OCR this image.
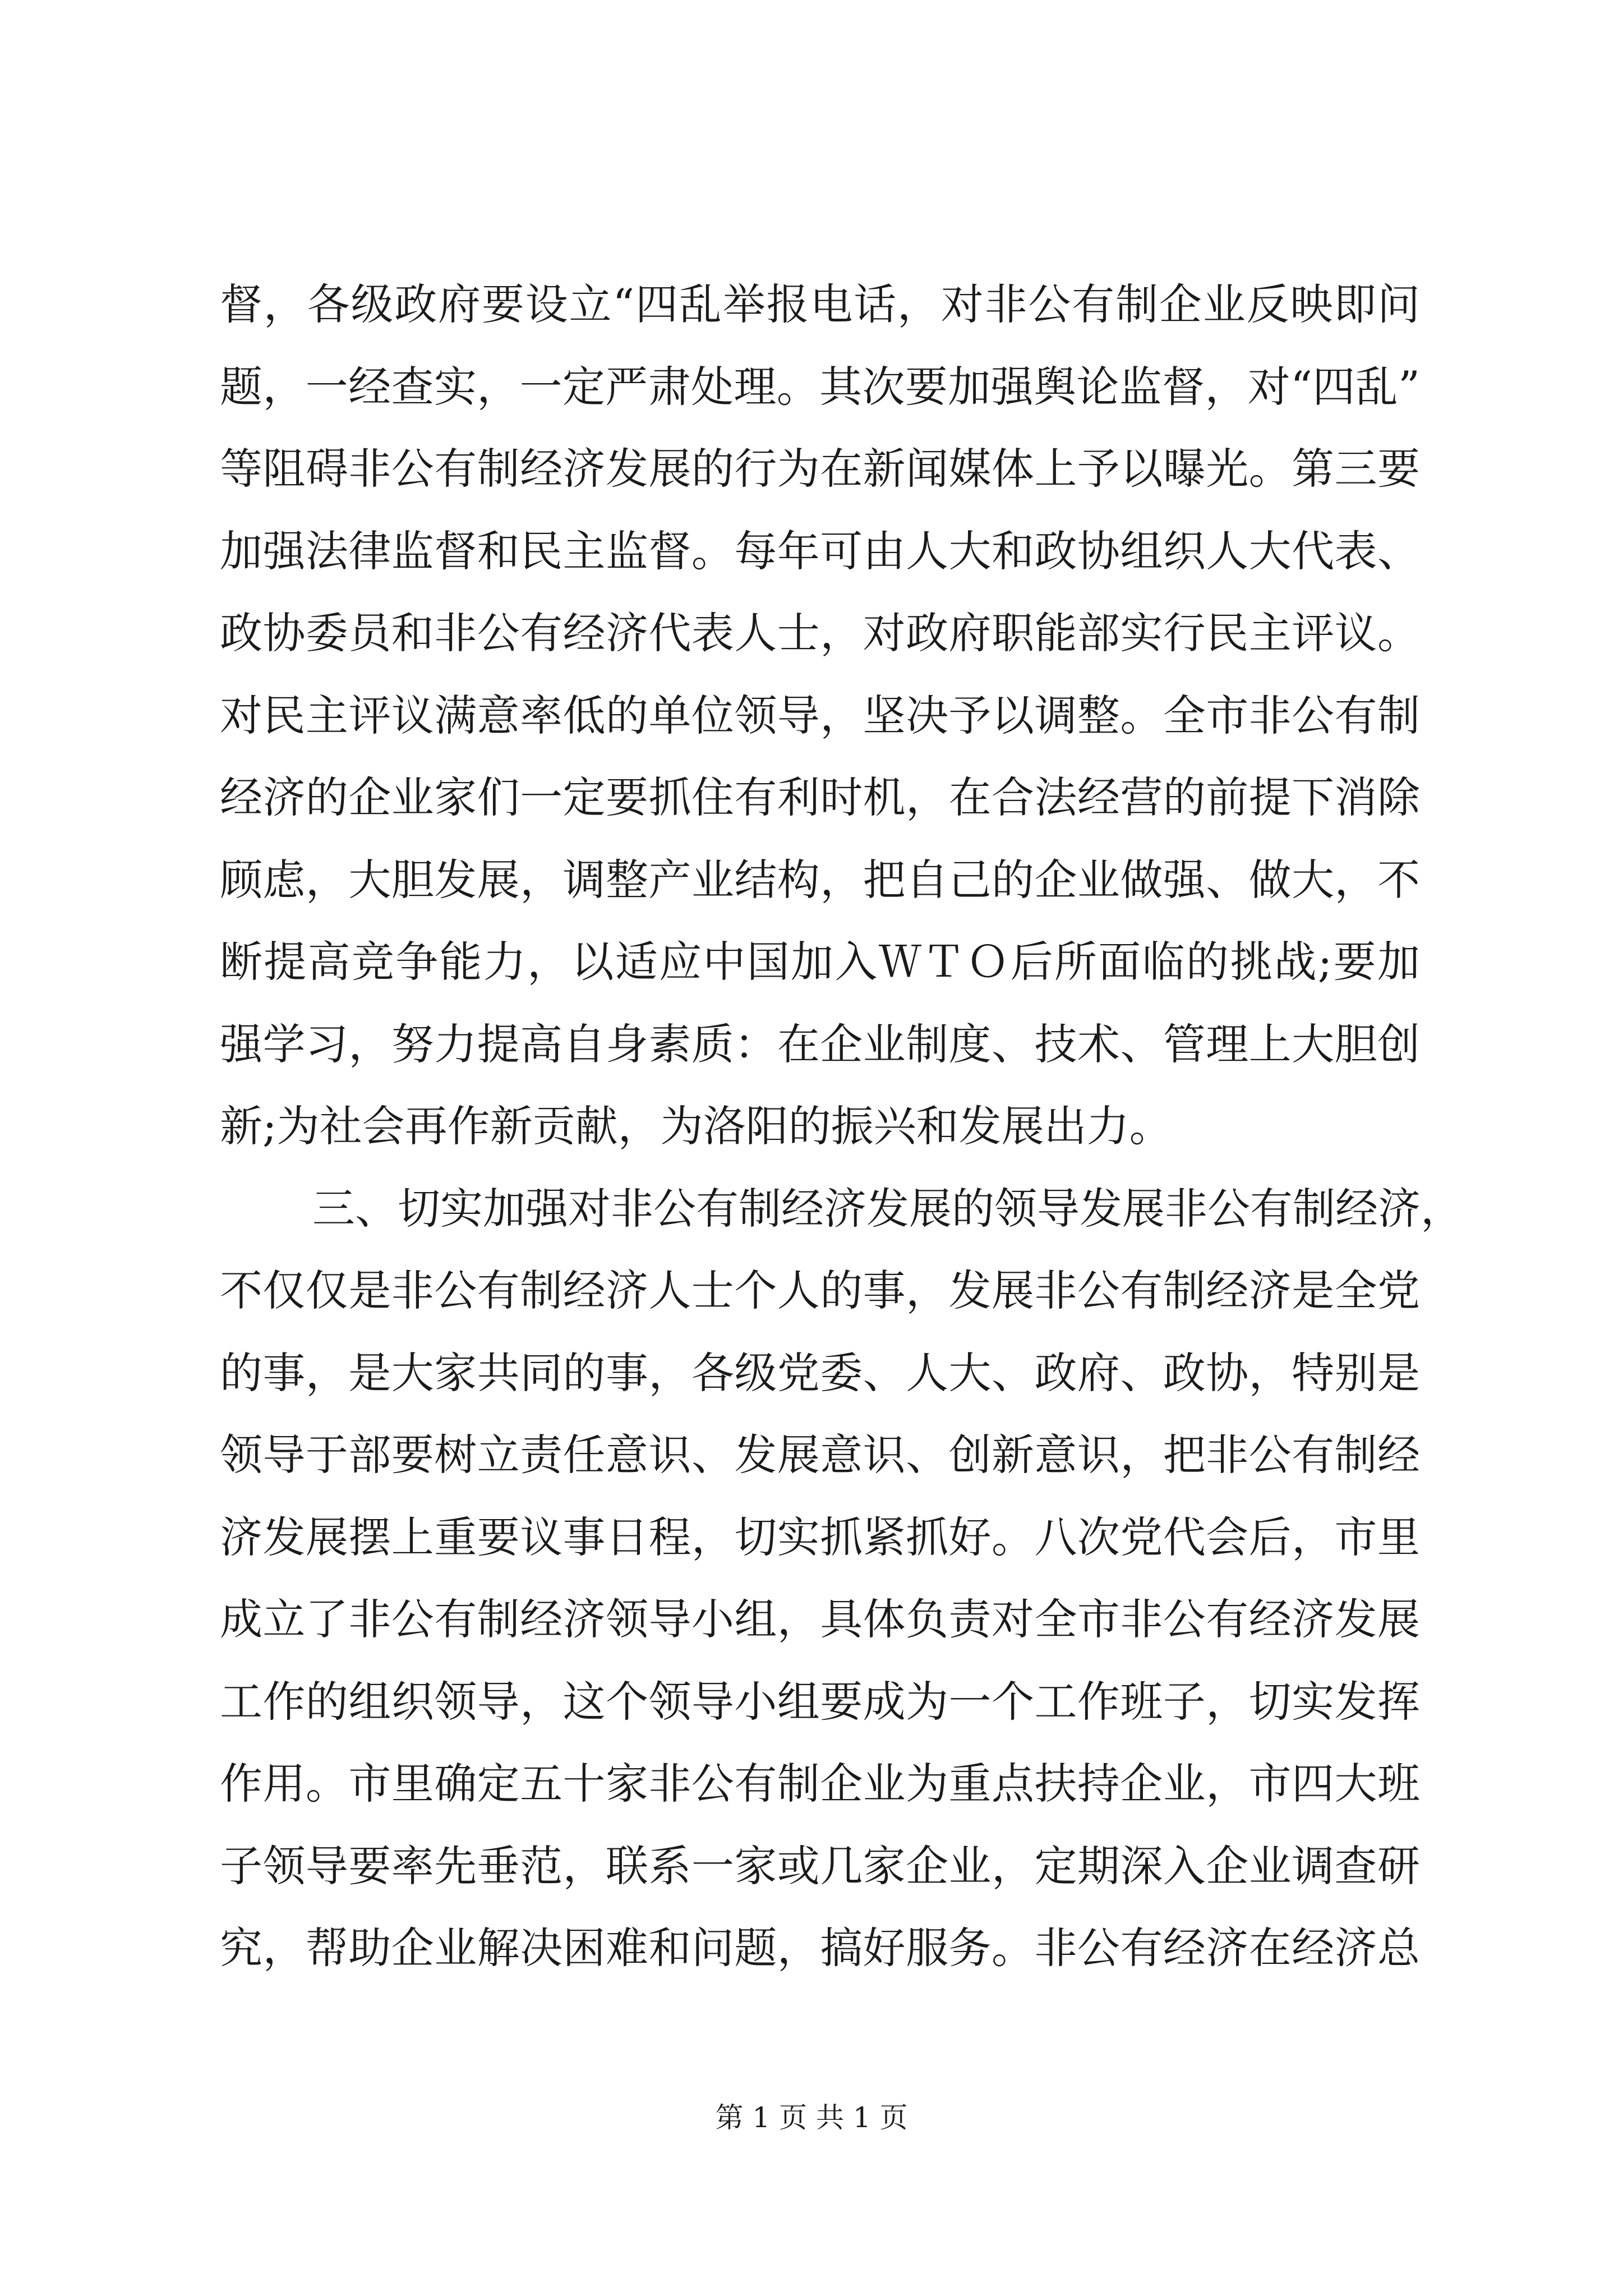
督，各级政府要设立“四乱举报电话，对非公有制企业反映即问
题，一经查实，一定严肃处理。其次要加强舆论监督，对“四乱”
等阻碍非公有制经济发展的行为在新闻媒体上予以曝光。第三要
加强法律监督和民主监督。每年可由人大和政协组织人大代表、
政协委员和非公有经济代表人士，对政府职能部实行民主评议。
对民主评议满意率低的单位领导，坚决予以调整。全市非公有制
经济的企业家们一定要抓住有利时机，在合法经营的前提下消除
顾虑，大胆发展，调整产业结构，把自己的企业做强、做大，不
断提高竞争能力，以适应中国加入ＷＴＯ后所面临的挑战;要加
强学习，努力提高自身素质：在企业制度、技术、管理上大胆创
新;为社会再作新贡献，为洛阳的振兴和发展出力。
三、切实加强对非公有制经济发展的领导发展非公有制经济，
不仅仅是非公有制经济人士个人的事，发展非公有制经济是全党
的事，是大家共同的事，各级党委、人大、政府、政协，特别是
领导于部要树立责任意识、发展意识、创新意识，把非公有制经
济发展摆上重要议事日程，切实抓紧抓好。八次党代会后，市里
成立了非公有制经济领导小组，具体负责对全市非公有经济发展
工作的组织领导，这个领导小组要成为一个工作班子，切实发挥
作用。市里确定五十家非公有制企业为重点扶持企业，市四大班
子领导要率先垂范，联系一家或几家企业，定期深入企业调查研
究，帮助企业解决困难和问题，搞好服务。非公有经济在经济总
第 1 页 共 1 页
